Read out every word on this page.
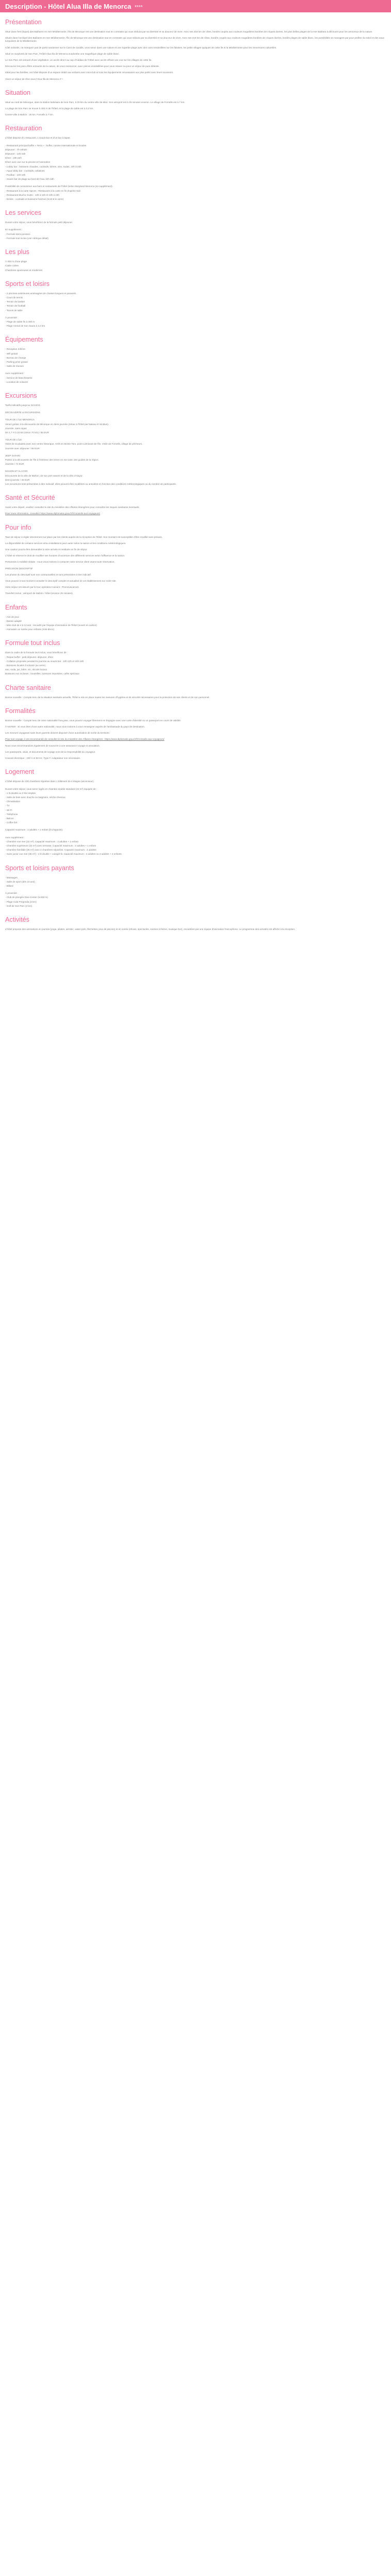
Description - Hôtel Alua Illa de Menorca ****
Présentation

Situé dans l'est (tiquet) des Baléares en mer Méditerranée, l'île de Minorque est une destination tout en contraste qui vous séduira par sa diversité et sa douceur de vivre. Avec ses 216 km de côtes, bordés coupés aux couleurs rougeâtres bordées de criques dorées, les plus belles plages de la mer Baléare à découvrir pour les amoureux de la nature.

Située dans l'archipel des Baléares en mer Méditerranée, l'île de Minorque est une destination tout en contraste qui vous séduira par sa diversité et sa douceur de vivre. Avec ses 216 km de côtes, bordés coupés aux couleurs rougeâtres bordées de criques dorées, bordés plages de sable blanc, les possibilités se managent par pour profiter du soleil et des eaux turquoises de la Méditerranée.

Côté activités, ne manquez pas de partir randonner sur le Cami de Cavalls, vous serez dans une nature et une superbe plage avec des vues ensoleillées sur les falaises, les petits villages typiques de cette île et la Méditerranée pour les immersions culturelles.

Situé en surplomb de Son Parc, l'Hôtel Alua Illa de Menorca surplombe une magnifique plage de sable blanc.

Le Son Parc est entouré d'une végétation, un accès direct au cap d'Addaia de l'Hôtel avec accès offrant une vue sur les villages de cette île.

Découvrez les joies d'être entourés de la nature, de vous ressourcer, avec pièces ensoleillées pour vous relaxer ou pour un séjour de pure détente.

Idéal pour les familles, cet hôtel dispose d'un espace dédié aux enfants avec mini-club et tous les équipements nécessaires aux plus petits avec leurs souvenirs.

Vivez un séjour de rêve sous l'Alua Illa de Menorca 4* !

Situation

Situé au nord de Minorque, dans la station balnéaire de Son Parc, à 20 km du centre-ville de Maó. Son aéroport est à 25 minutes environ. Le village de Fornells est à 7 km.

La plage de Son Parc se trouve à 400 m de l'hôtel, et la plage de sable est à 3,2 km.

Centre-ville à Mahón : 25 km. Fornells à 7 km.

Restauration

L'hôtel dispose d'1 restaurant, 1 snack-bar et d'un bar à tapas.

- Restaurant principal buffet « Terra » : buffet, cuisine internationale et locales

Déjeuner : 7h-10h30

Déjeuner : 13h-15h

Dîner : 19h-22h

Dîner avec vue sur la piscine et l'animation

- Lobby bar : boissons chaudes, cocktails, bières, vins, sodas, 10h à 23h

- Aqua lobby bar : cocktails, collations

- Poolbar : 10h-19h

- Snack-bar de plage au bord de l'eau 10h-18h

Possibilité de consommer aux bars et restaurants de l'hôtel (selon Maryland Menorca (en supplément).

- Restaurant à la carte Spices : Restaurant à la carte en fin d'après-midi

- Restaurant Mucho Gusto : 13h à 16h et 19h à 23h

- Drinks - cocktails et boissons fraîches (5,50 € le verre)

Les services

Durant votre séjour, vous bénéficiez de la formule petit déjeuner.

En supplément :

- Formule demi-pension

- Formule tout inclus (voir rubrique détail)

Les plus

À 400 m d'une plage

Cadre calme

Chambres spacieuses et modernes

Sports et loisirs

- 2 piscines extérieures aménagées de chaises longues et parasols.

- Court de tennis

- Terrain de basket

- Terrain de football

- Tennis de table

À proximité :

- Plage de sable fin à 400 m

- Plage Arenal de Son Saura à 3,2 km

Équipements

- Réception 24h/24

- Wifi gratuit

- Bureau de change

- Parking privé gratuit

- Salle de réunion

Avec supplément :

- Service de blanchisserie

- Location de voitures

Excursions

Tarifs indicatifs jusqu'au 31/10/24

DÉCOUVERTE & EXCURSIONS

TOUR DE L'ÎLE MENORCA

Venez goûter à la découverte de Minorque en demi-journée (retour à l'hôtel par bateau et minibus).

Journée, sans repas

De 1,7 H à 10 km (sinon 70 km) / 85 EUR

TOUR DE L'ÎLE

Visite de Ciudadela avec son centre historique. Arrêt en Monte Toro, point culminant de l'île. Visite de Fornells, village de pêcheurs.

Journée avec déjeuner / 65 EUR

JEEP SAFARI

Partez à la découverte de l'île à l'intérieur des terres en 4x4 avec des guides de la région.

Journée / 72 EUR

MAHON ET ALAYOR

Découverte de la ville de Mahon, de son port naturel et de la ville d'Alayor.

Demi-journée / 35 EUR

Les excursions sont présentées à titre indicatif, elles peuvent être modifiées ou annulées en fonction des conditions météorologiques ou du nombre de participants.

Santé et Sécurité

Avant votre départ, veuillez consulter le site du ministère des Affaires étrangères pour connaître les risques sanitaires éventuels.

Pour toute information, consultez https://www.diplomatie.gouv.fr/fr/conseils-aux-voyageurs/

Pour info

Taxe de séjour à régler directement sur place par les clients auprès de la réception de l'hôtel. Son montant est susceptible d'être modifié sans préavis.

La disponibilité de certains services et/ou installations peut varier selon la saison et les conditions météorologiques.

Une caution pourra être demandée à votre arrivée et restituée en fin de séjour.

L'hôtel se réserve le droit de modifier ses horaires d'ouverture des différents services selon l'affluence et la saison.

Personnes à mobilité réduite : nous vous invitons à contacter notre service client avant toute réservation.

PRÉCISION DESCRIPTIF

Les photos du descriptif sont non contractuelles et sont présentées à titre indicatif.

Vous pouvez à tout moment consulter le descriptif complet et actualisé de cet établissement sur notre site.

Votre séjour est assuré par le tour-opérateur suivant : Promovacances

Transfert inclus : aéroport de Mahón / hôtel (environ 25 minutes)

Enfants

- Aire de jeux

- Bassin adapté

- Mini-club de 4 à 12 ans : encadré par l'équipe d'animation de l'hôtel (ouvert en saison)

- Animation en soirée pour enfants (mini-disco)

Formule tout inclus

Dans la cadre de la formule tout inclus, vous bénéficiez de :

- Repas buffet : petit déjeuner, déjeuner, dîner

- Collation proposée pendant la journée au snack-bar : 10h-12h et 15h-18h

- Boissons locales à volonté (au verre) :

eau, soda, jus, bière, vin, alcools locaux

Boissons non incluses : bouteilles, boissons importées, cafés spéciaux

Charte sanitaire

Bonne nouvelle : Compte tenu de la situation sanitaire actuelle, l'hôtel a mis en place toutes les mesures d'hygiène et de sécurité nécessaires pour la protection de ses clients et de son personnel.

Formalités

Bonne nouvelle : Compte tenu de votre nationalité française, vous pouvez voyager librement en Espagne avec une carte d'identité ou un passeport en cours de validité.

À NOTER : Si vous êtes d'une autre nationalité, nous vous invitons à vous renseigner auprès de l'ambassade du pays de destination.

Les mineurs voyageant sans leurs parents doivent disposer d'une autorisation de sortie du territoire.

Pour tout voyage, il est recommandé de consulter le site du ministère des Affaires étrangères : https://www.diplomatie.gouv.fr/fr/conseils-aux-voyageurs/

Nous vous recommandons également de souscrire à une assurance voyage et annulation.

Les passeports, visas, et documents de voyage sont de la responsabilité du voyageur.

Courant électrique : 230 V et 50 Hz. Type F. Adaptateur non nécessaire.

Logement

L'hôtel dispose de 228 chambres réparties dans 1 bâtiment de 4 étages (ascenseur).

Durant votre séjour, vous serez logés en chambre double standard (22 m²) équipée de :

- 1 lit double ou 2 lits simples

- Salle de bain avec douche ou baignoire, sèche-cheveux

- Climatisation

- TV

- Wi-Fi

- Téléphone

- Balcon

- Coffre-fort

Capacité maximum : 2 adultes + 1 enfant (lit d'appoint).

Avec supplément :

- Chambre vue mer (22 m²). Capacité maximum : 2 adultes + 1 enfant

- Chambre supérieure (22 m²) avec terrasse. Capacité maximum : 2 adultes + 1 enfant

- Chambre familiale (35 m²) avec 2 chambres séparées. Capacité maximum : 4 adultes

- Suite junior vue mer (35 m²) : 1 lit double + canapé-lit. Capacité maximum : 3 adultes ou 2 adultes + 2 enfants

Sports et loisirs payants

- Massages

- Salle de sport (dès 16 ans)

- Billard

À proximité :

- Club de plongée Dive Center (à 600 m)

- Plage Cala Pregonda (3 km)

- Golf de Son Parc (2 km)

Activités

L'hôtel propose des animations en journée (yoga, pilates, aérobic, water-polo, fléchettes, jeux de piscine) et en soirée (shows, spectacles, soirées à thème, musique live), encadrées par une équipe d'animation francophone. Le programme des activités est affiché à la réception.
